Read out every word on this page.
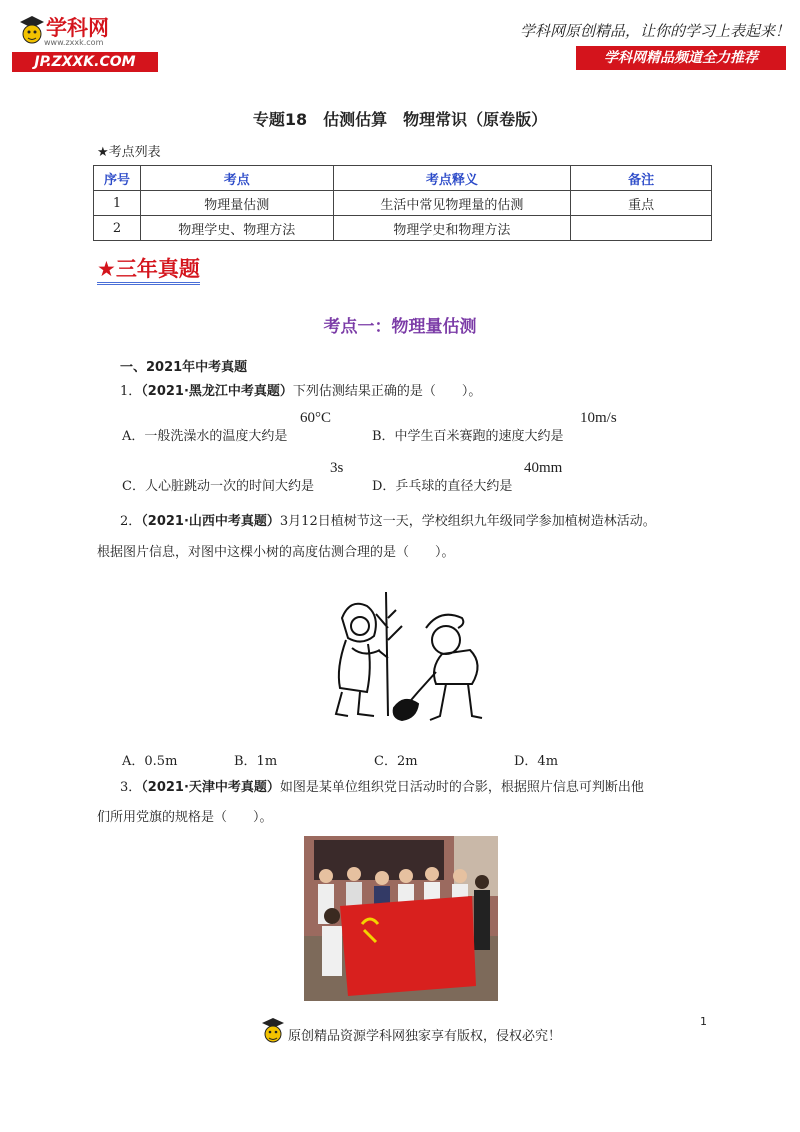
学科网
www.zxxk.com
JP.ZXXK.COM
学科网原创精品，让你的学习上表起来！
学科网精品频道全力推荐
专题18　估测估算　物理常识（原卷版）
★考点列表
序号	考点	考点释义	备注
1	物理量估测	生活中常见物理量的估测	重点
2	物理学史、物理方法	物理学史和物理方法	
★三年真题
考点一：物理量估测
一、2021年中考真题
1．（2021·黑龙江中考真题）下列估测结果正确的是（　　）。
A．一般洗澡水的温度大约是
60°C
B．中学生百米赛跑的速度大约是
10m/s
C．人心脏跳动一次的时间大约是
3s
D．乒乓球的直径大约是
40mm
2．（2021·山西中考真题）3月12日植树节这一天，学校组织九年级同学参加植树造林活动。
根据图片信息，对图中这棵小树的高度估测合理的是（　　）。
A．0.5m	B．1m	C．2m	D．4m
3．（2021·天津中考真题）如图是某单位组织党日活动时的合影，根据照片信息可判断出他
们所用党旗的规格是（　　）。
1
原创精品资源学科网独家享有版权，侵权必究！
